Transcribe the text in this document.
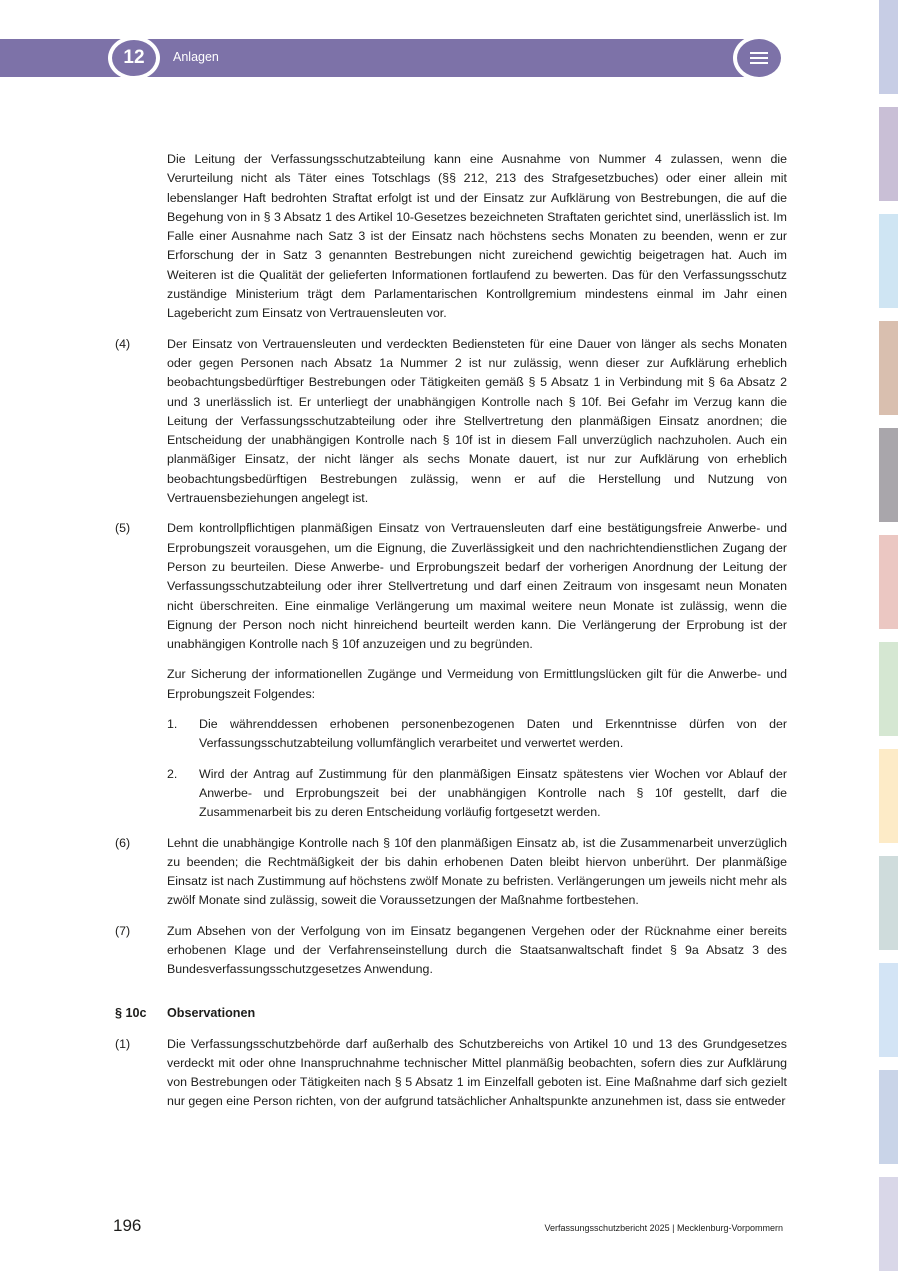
12	Anlagen

Die Leitung der Verfassungsschutzabteilung kann eine Ausnahme von Nummer 4 zulassen, wenn die Verurteilung nicht als Täter eines Totschlags (§§ 212, 213 des Strafgesetzbuches) oder einer allein mit lebenslanger Haft bedrohten Straftat erfolgt ist und der Einsatz zur Aufklärung von Bestrebungen, die auf die Begehung von in § 3 Absatz 1 des Artikel 10-Gesetzes bezeichneten Straftaten gerichtet sind, unerlässlich ist. Im Falle einer Ausnahme nach Satz 3 ist der Einsatz nach höchstens sechs Monaten zu beenden, wenn er zur Erforschung der in Satz 3 genannten Bestrebungen nicht zureichend gewichtig beigetragen hat. Auch im Weiteren ist die Qualität der gelieferten Informationen fortlaufend zu bewerten. Das für den Verfassungsschutz zuständige Ministerium trägt dem Parlamentarischen Kontrollgremium mindestens einmal im Jahr einen Lagebericht zum Einsatz von Vertrauensleuten vor.

(4)	Der Einsatz von Vertrauensleuten und verdeckten Bediensteten für eine Dauer von länger als sechs Monaten oder gegen Personen nach Absatz 1a Nummer 2 ist nur zulässig, wenn dieser zur Aufklärung erheblich beobachtungsbedürftiger Bestrebungen oder Tätigkeiten gemäß § 5 Absatz 1 in Verbindung mit § 6a Absatz 2 und 3 unerlässlich ist. Er unterliegt der unabhängigen Kontrolle nach § 10f. Bei Gefahr im Verzug kann die Leitung der Verfassungsschutzabteilung oder ihre Stellvertretung den planmäßigen Einsatz anordnen; die Entscheidung der unabhängigen Kontrolle nach § 10f ist in diesem Fall unverzüglich nachzuholen. Auch ein planmäßiger Einsatz, der nicht länger als sechs Monate dauert, ist nur zur Aufklärung von erheblich beobachtungsbedürftigen Bestrebungen zulässig, wenn er auf die Herstellung und Nutzung von Vertrauensbeziehungen angelegt ist.
(5)	Dem kontrollpflichtigen planmäßigen Einsatz von Vertrauensleuten darf eine bestätigungsfreie Anwerbe- und Erprobungszeit vorausgehen, um die Eignung, die Zuverlässigkeit und den nachrichtendienstlichen Zugang der Person zu beurteilen. Diese Anwerbe- und Erprobungszeit bedarf der vorherigen Anordnung der Leitung der Verfassungsschutzabteilung oder ihrer Stellvertretung und darf einen Zeitraum von insgesamt neun Monaten nicht überschreiten. Eine einmalige Verlängerung um maximal weitere neun Monate ist zulässig, wenn die Eignung der Person noch nicht hinreichend beurteilt werden kann. Die Verlängerung der Erprobung ist der unabhängigen Kontrolle nach § 10f anzuzeigen und zu begründen.

Zur Sicherung der informationellen Zugänge und Vermeidung von Ermittlungslücken gilt für die Anwerbe- und Erprobungszeit Folgendes:

1. Die währenddessen erhobenen personenbezogenen Daten und Erkenntnisse dürfen von der Verfassungsschutzabteilung vollumfänglich verarbeitet und verwertet werden.
2. Wird der Antrag auf Zustimmung für den planmäßigen Einsatz spätestens vier Wochen vor Ablauf der Anwerbe- und Erprobungszeit bei der unabhängigen Kontrolle nach § 10f gestellt, darf die Zusammenarbeit bis zu deren Entscheidung vorläufig fortgesetzt werden.
(6)	Lehnt die unabhängige Kontrolle nach § 10f den planmäßigen Einsatz ab, ist die Zusammenarbeit unverzüglich zu beenden; die Rechtmäßigkeit der bis dahin erhobenen Daten bleibt hiervon unberührt. Der planmäßige Einsatz ist nach Zustimmung auf höchstens zwölf Monate zu befristen. Verlängerungen um jeweils nicht mehr als zwölf Monate sind zulässig, soweit die Voraussetzungen der Maßnahme fortbestehen.
(7)	Zum Absehen von der Verfolgung von im Einsatz begangenen Vergehen oder der Rücknahme einer bereits erhobenen Klage und der Verfahrenseinstellung durch die Staatsanwaltschaft findet § 9a Absatz 3 des Bundesverfassungsschutzgesetzes Anwendung.
§ 10c Observationen
(1)	Die Verfassungsschutzbehörde darf außerhalb des Schutzbereichs von Artikel 10 und 13 des Grundgesetzes verdeckt mit oder ohne Inanspruchnahme technischer Mittel planmäßig beobachten, sofern dies zur Aufklärung von Bestrebungen oder Tätigkeiten nach § 5 Absatz 1 im Einzelfall geboten ist. Eine Maßnahme darf sich gezielt nur gegen eine Person richten, von der aufgrund tatsächlicher Anhaltspunkte anzunehmen ist, dass sie entweder
196	Verfassungsschutzbericht 2025 | Mecklenburg-Vorpommern
